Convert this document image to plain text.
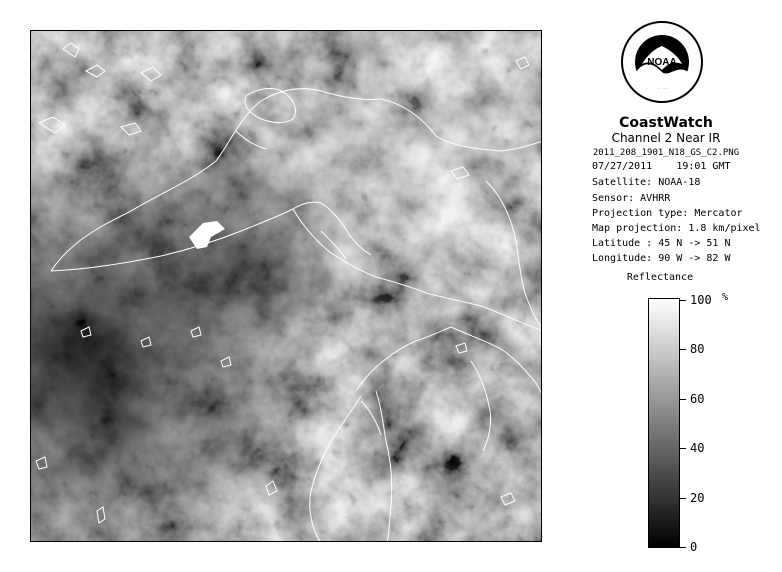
NOAA
CoastWatch
Channel 2 Near IR
2011_208_1901_N18_GS_C2.PNG
07/27/2011 19:01 GMT
Satellite: NOAA-18
Sensor: AVHRR
Projection type: Mercator
Map projection: 1.8 km/pixel
Latitude : 45 N -> 51 N
Longitude: 90 W -> 82 W
Reflectance
%
100
80
60
40
20
0
